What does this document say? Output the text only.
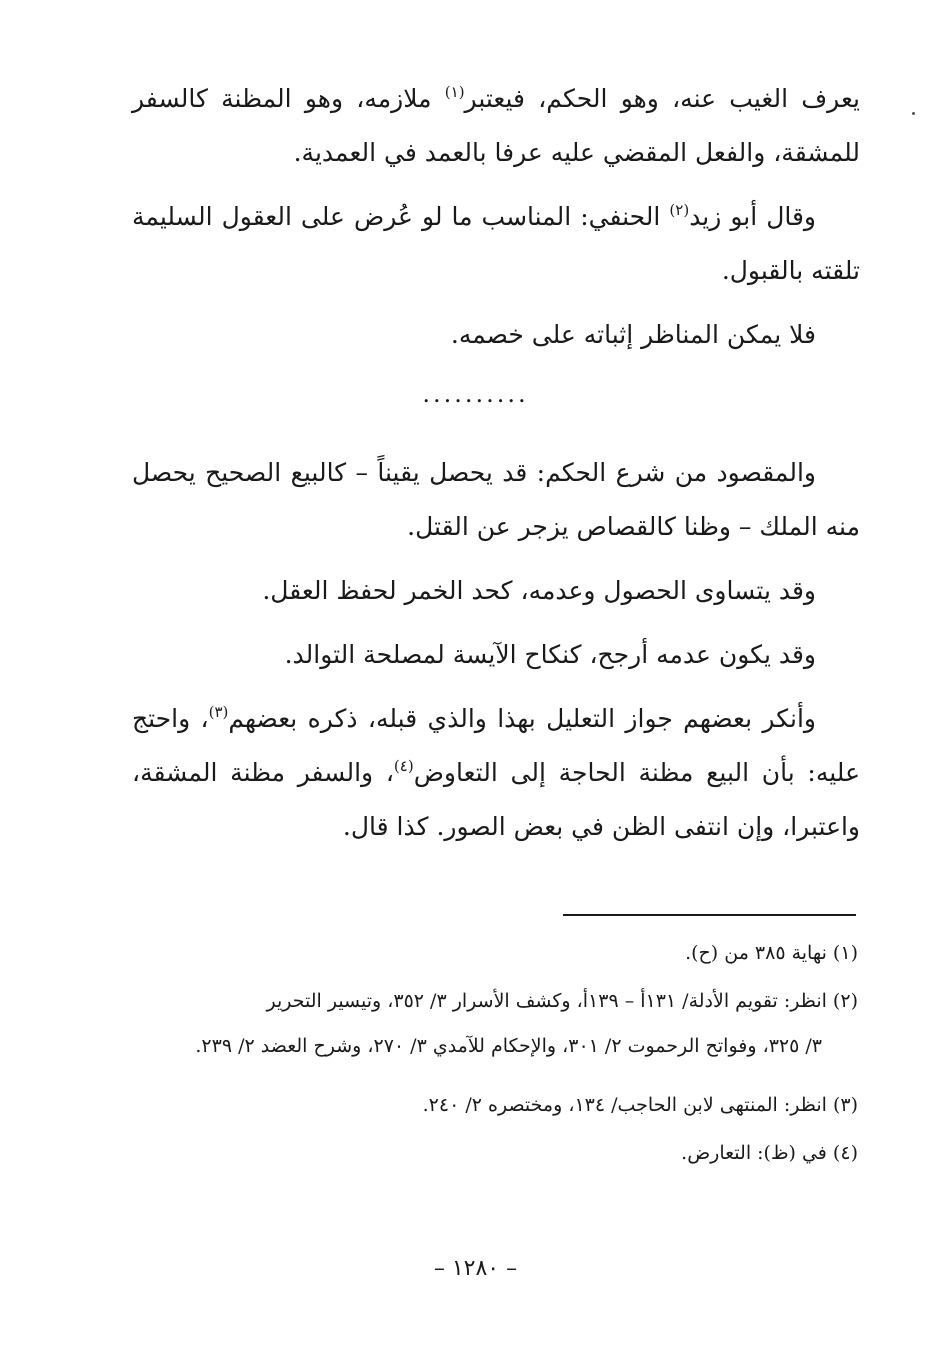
يعرف الغيب عنه، وهو الحكم، فيعتبر$^{(١)}$ ملازمه، وهو المظنة كالسفر للمشقة، والفعل المقضي عليه عرفا بالعمد في العمدية.

وقال أبو زيد$^{(٢)}$ الحنفي: المناسب ما لو عُرض على العقول السليمة تلقته بالقبول.

فلا يمكن المناظر إثباته على خصمه.

والمقصود من شرع الحكم: قد يحصل يقيناً – كالبيع الصحيح يحصل منه الملك – وظنا كالقصاص يزجر عن القتل.

وقد يتساوى الحصول وعدمه، كحد الخمر لحفظ العقل.

وقد يكون عدمه أرجح، كنكاح الآيسة لمصلحة التوالد.

وأنكر بعضهم جواز التعليل بهذا والذي قبله، ذكره بعضهم$^{(٣)}$، واحتج عليه: بأن البيع مظنة الحاجة إلى التعاوض$^{(٤)}$، والسفر مظنة المشقة، واعتبرا، وإن انتفى الظن في بعض الصور. كذا قال.

..........
(١) نهاية ٣٨٥ من (ح).
(٢) انظر: تقويم الأدلة/ ١٣١أ – ١٣٩أ، وكشف الأسرار ٣/ ٣٥٢، وتيسير التحرير
٣/ ٣٢٥، وفواتح الرحموت ٢/ ٣٠١، والإحكام للآمدي ٣/ ٢٧٠، وشرح العضد ٢/ ٢٣٩.
(٣) انظر: المنتهى لابن الحاجب/ ١٣٤، ومختصره ٢/ ٢٤٠.
(٤) في (ظ): التعارض.
– ١٢٨٠ –
